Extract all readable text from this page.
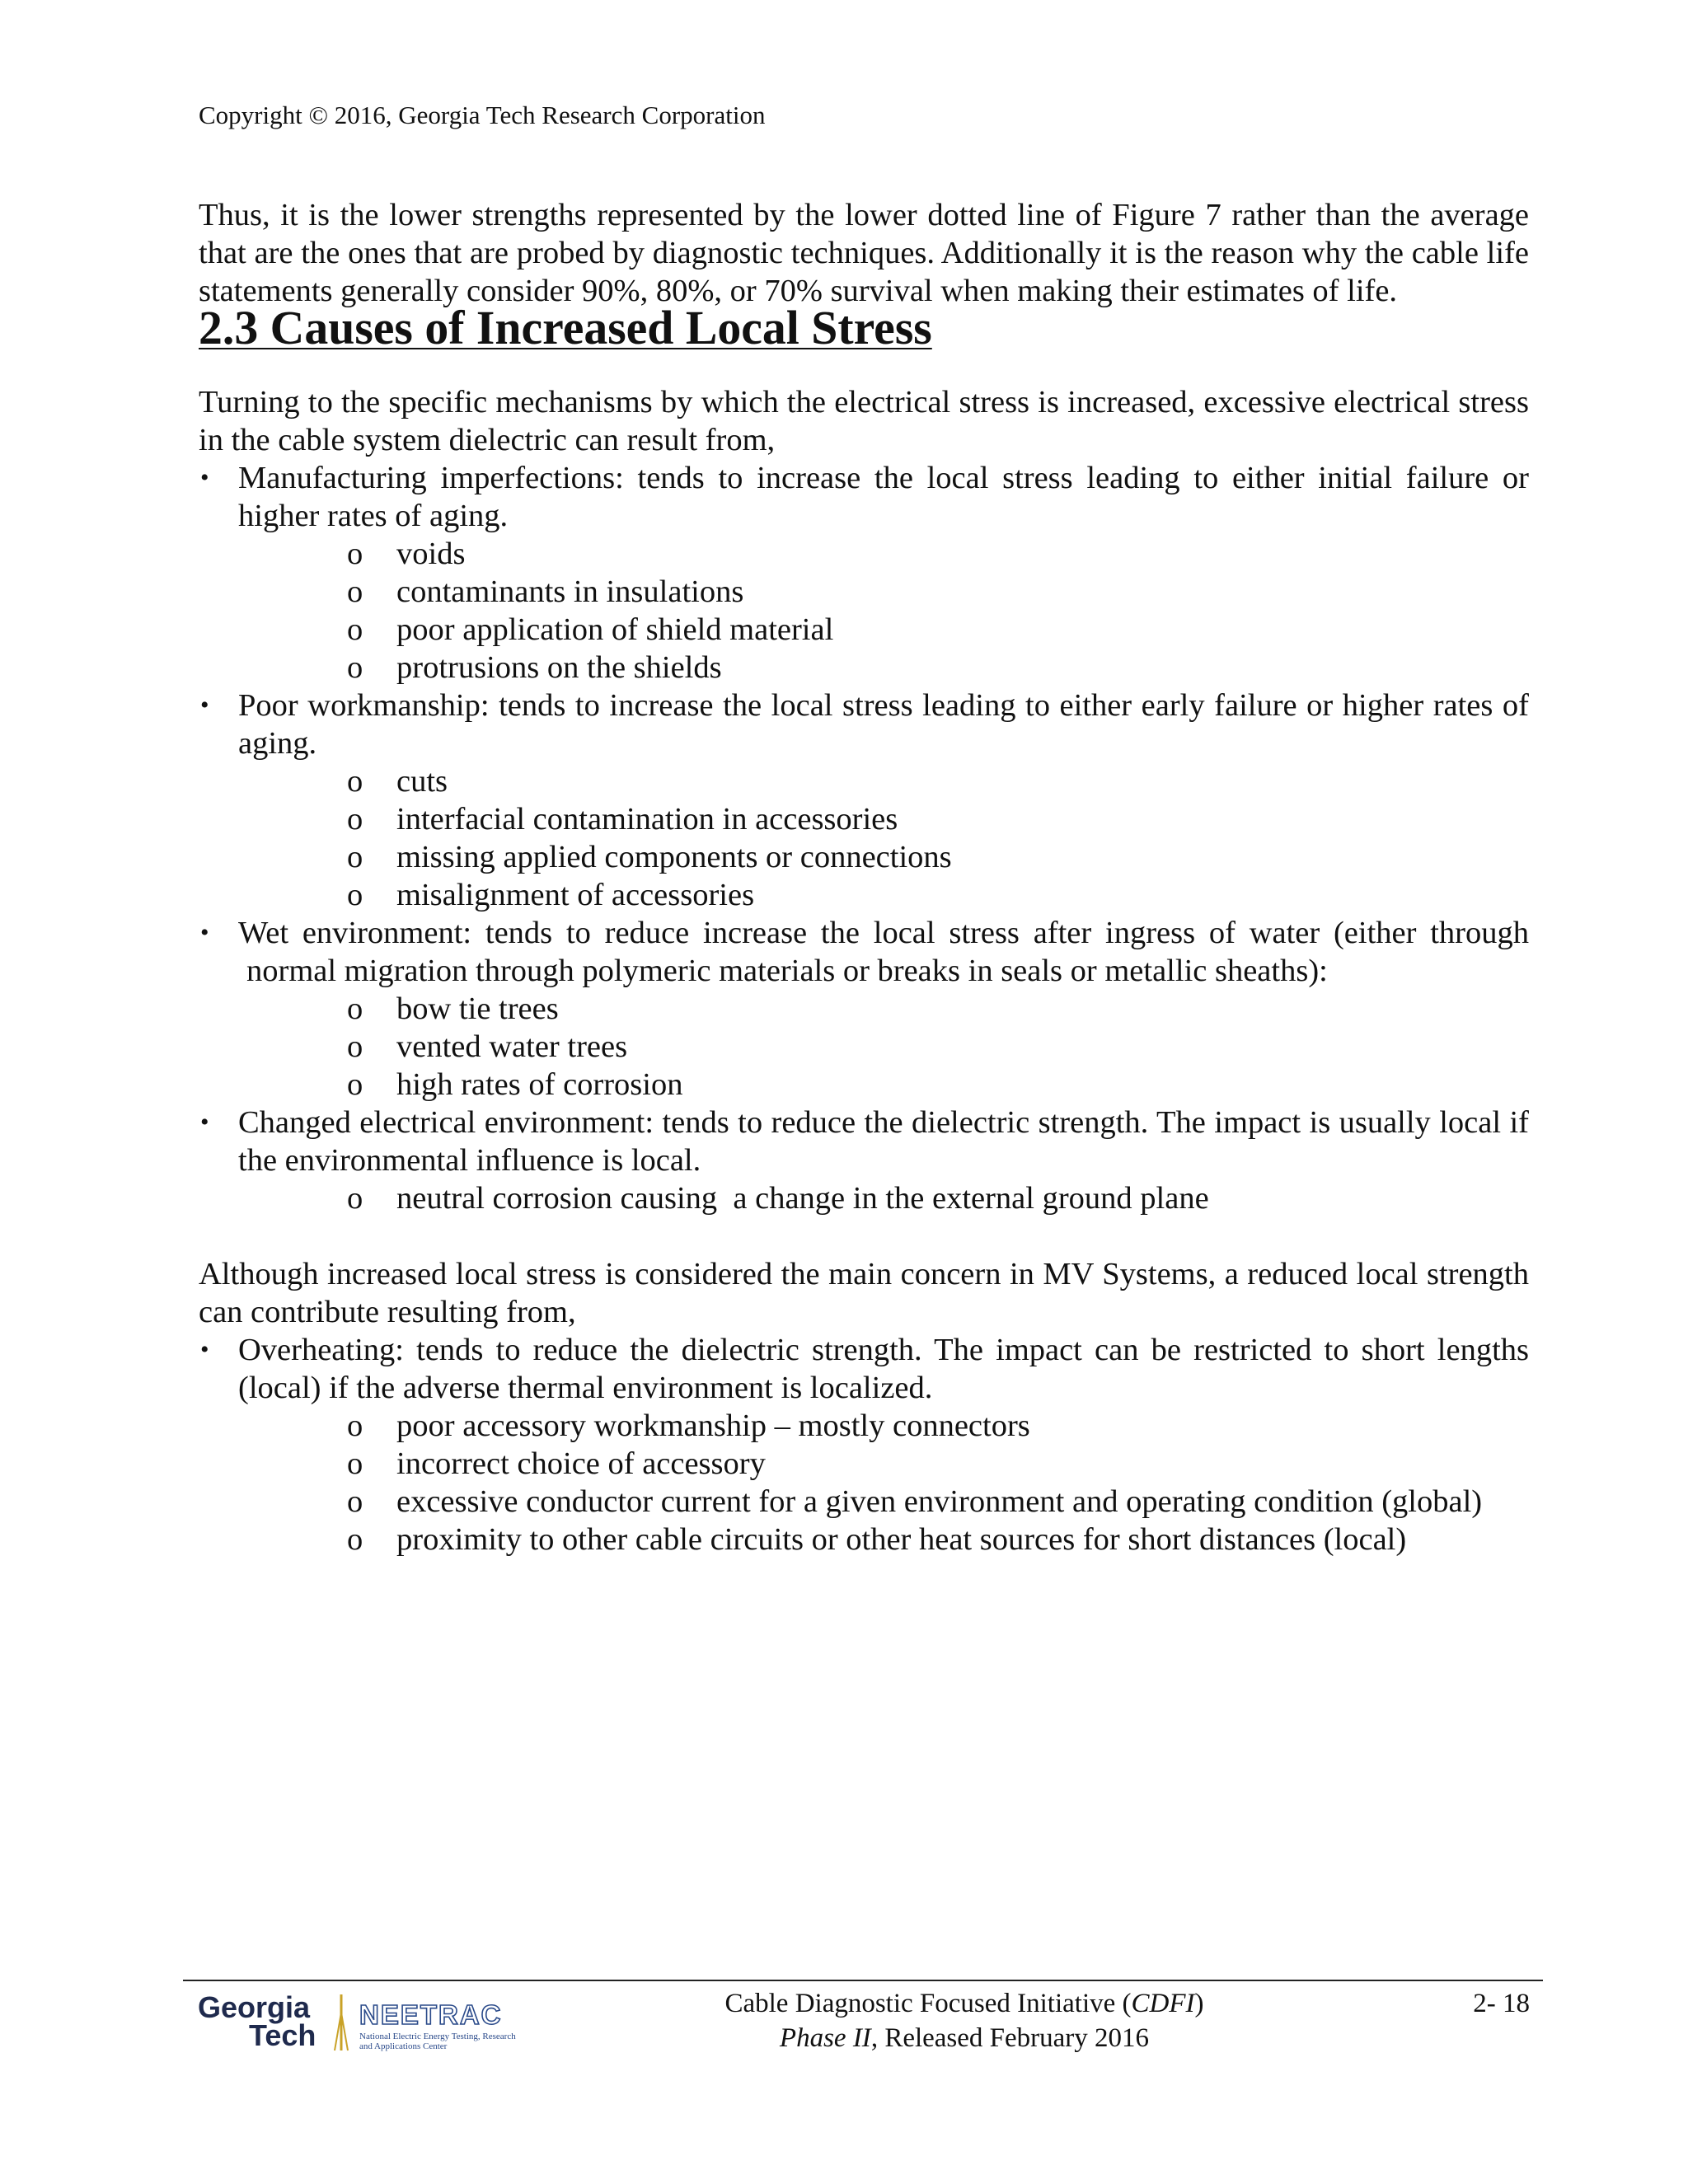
Copyright © 2016, Georgia Tech Research Corporation

Thus, it is the lower strengths represented by the lower dotted line of Figure 7 rather than the average that are the ones that are probed by diagnostic techniques. Additionally it is the reason why the cable life statements generally consider 90%, 80%, or 70% survival when making their estimates of life.

2.3 Causes of Increased Local Stress

Turning to the specific mechanisms by which the electrical stress is increased, excessive electrical stress in the cable system dielectric can result from,

• Manufacturing imperfections: tends to increase the local stress leading to either initial failure or higher rates of aging.
o voids
o contaminants in insulations
o poor application of shield material
o protrusions on the shields
• Poor workmanship: tends to increase the local stress leading to either early failure or higher rates of aging.
o cuts
o interfacial contamination in accessories
o missing applied components or connections
o misalignment of accessories
• Wet environment: tends to reduce increase the local stress after ingress of water (either through
normal migration through polymeric materials or breaks in seals or metallic sheaths):
o bow tie trees
o vented water trees
o high rates of corrosion
• Changed electrical environment: tends to reduce the dielectric strength. The impact is usually local if the environmental influence is local.
o neutral corrosion causing  a change in the external ground plane

Although increased local stress is considered the main concern in MV Systems, a reduced local strength can contribute resulting from,

• Overheating: tends to reduce the dielectric strength. The impact can be restricted to short lengths (local) if the adverse thermal environment is localized.
o poor accessory workmanship – mostly connectors
o incorrect choice of accessory
o excessive conductor current for a given environment and operating condition (global)
o proximity to other cable circuits or other heat sources for short distances (local)
Georgia
Tech
NEETRAC
National Electric Energy Testing, Research
and Applications Center
Cable Diagnostic Focused Initiative (CDFI)
Phase II, Released February 2016
2- 18
